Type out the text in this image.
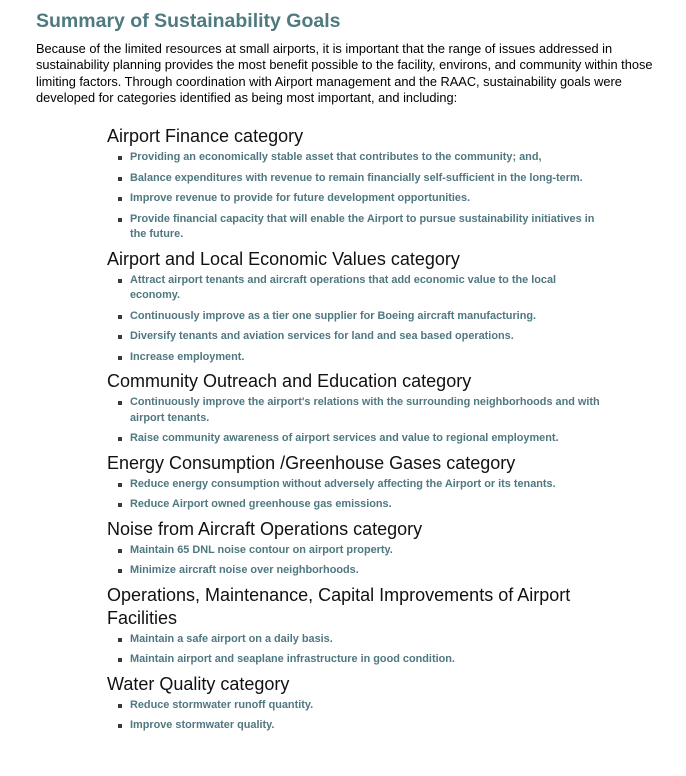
Summary of Sustainability Goals

Because of the limited resources at small airports, it is important that the range of issues addressed in sustainability planning provides the most benefit possible to the facility, environs, and community within those limiting factors. Through coordination with Airport management and the RAAC, sustainability goals were developed for categories identified as being most important, and including:

Airport Finance category
Providing an economically stable asset that contributes to the community; and,
Balance expenditures with revenue to remain financially self-sufficient in the long-term.
Improve revenue to provide for future development opportunities.
Provide financial capacity that will enable the Airport to pursue sustainability initiatives in the future.
Airport and Local Economic Values category
Attract airport tenants and aircraft operations that add economic value to the local economy.
Continuously improve as a tier one supplier for Boeing aircraft manufacturing.
Diversify tenants and aviation services for land and sea based operations.
Increase employment.
Community Outreach and Education category
Continuously improve the airport's relations with the surrounding neighborhoods and with airport tenants.
Raise community awareness of airport services and value to regional employment.
Energy Consumption /Greenhouse Gases category
Reduce energy consumption without adversely affecting the Airport or its tenants.
Reduce Airport owned greenhouse gas emissions.
Noise from Aircraft Operations category
Maintain 65 DNL noise contour on airport property.
Minimize aircraft noise over neighborhoods.
Operations, Maintenance, Capital Improvements of Airport Facilities
Maintain a safe airport on a daily basis.
Maintain airport and seaplane infrastructure in good condition.
Water Quality category
Reduce stormwater runoff quantity.
Improve stormwater quality.
